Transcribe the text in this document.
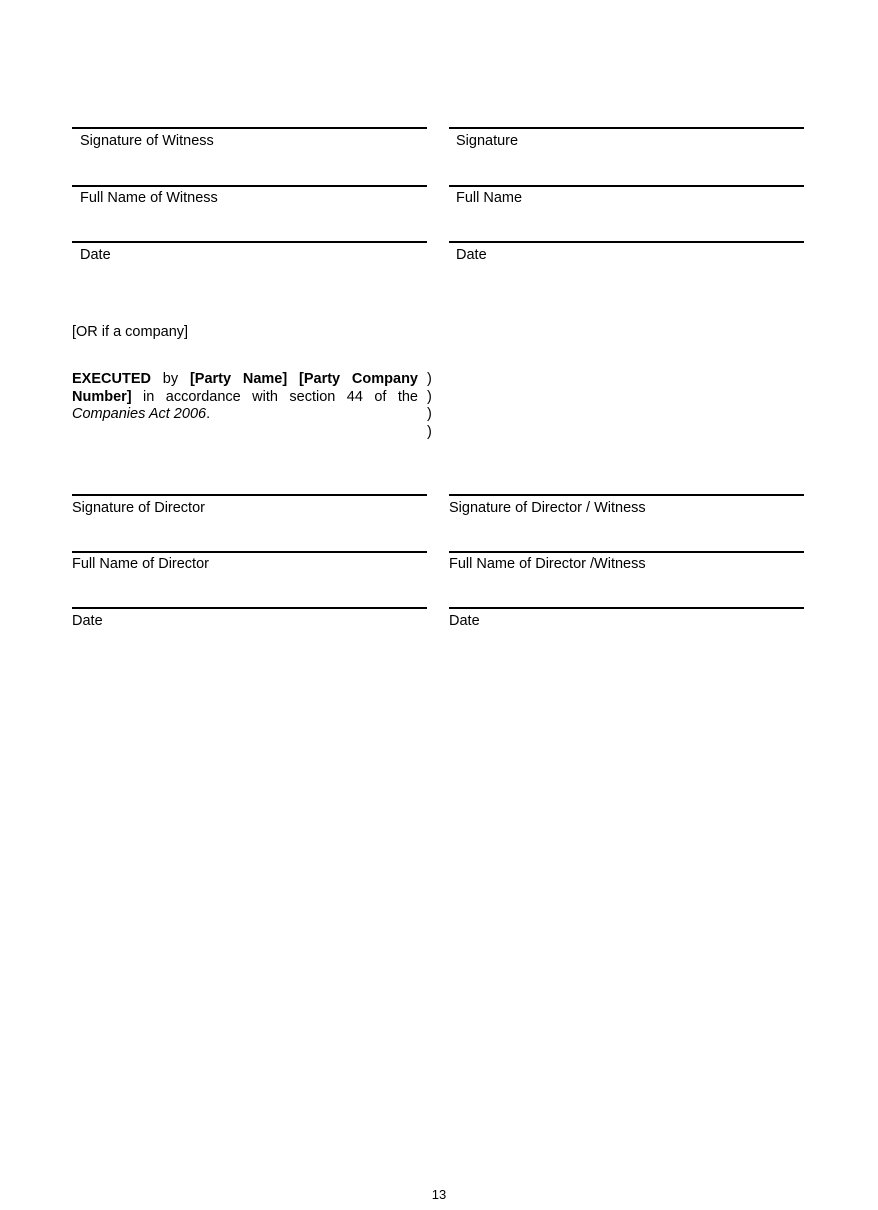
Signature of Witness
Full Name of Witness
Date
Signature
Full Name
Date
[OR if a company]

EXECUTED by [Party Name] [Party Company Number] in accordance with section 44 of the Companies Act 2006.

)
)
)
)
Signature of Director
Full Name of Director
Date
Signature of Director / Witness
Full Name of Director /Witness
Date
13
